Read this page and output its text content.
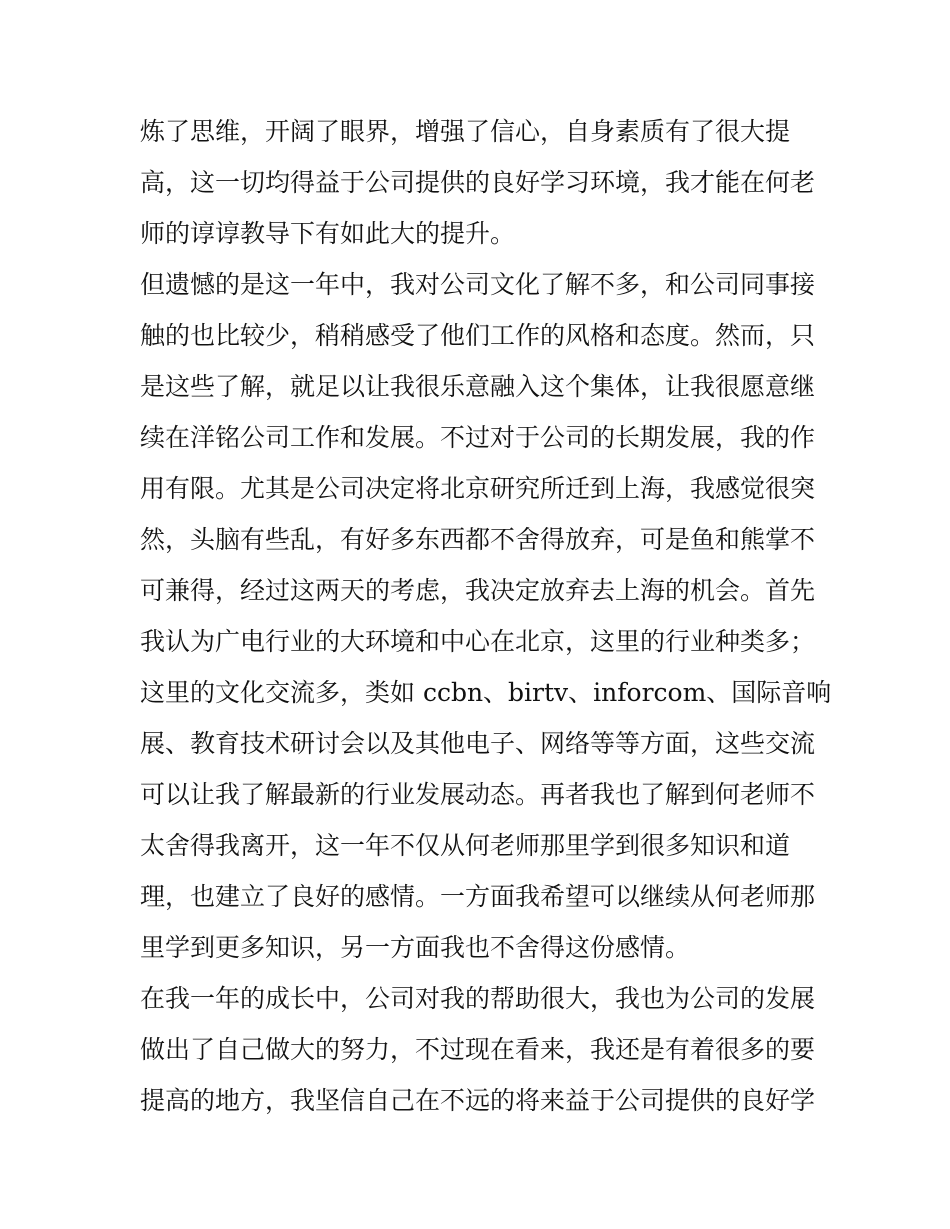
炼了思维，开阔了眼界，增强了信心，自身素质有了很大提
高，这一切均得益于公司提供的良好学习环境，我才能在何老
师的谆谆教导下有如此大的提升。
但遗憾的是这一年中，我对公司文化了解不多，和公司同事接
触的也比较少，稍稍感受了他们工作的风格和态度。然而，只
是这些了解，就足以让我很乐意融入这个集体，让我很愿意继
续在洋铭公司工作和发展。不过对于公司的长期发展，我的作
用有限。尤其是公司决定将北京研究所迁到上海，我感觉很突
然，头脑有些乱，有好多东西都不舍得放弃，可是鱼和熊掌不
可兼得，经过这两天的考虑，我决定放弃去上海的机会。首先
我认为广电行业的大环境和中心在北京，这里的行业种类多；
这里的文化交流多，类如 ccbn、birtv、inforcom、国际音响
展、教育技术研讨会以及其他电子、网络等等方面，这些交流
可以让我了解最新的行业发展动态。再者我也了解到何老师不
太舍得我离开，这一年不仅从何老师那里学到很多知识和道
理，也建立了良好的感情。一方面我希望可以继续从何老师那
里学到更多知识，另一方面我也不舍得这份感情。
在我一年的成长中，公司对我的帮助很大，我也为公司的发展
做出了自己做大的努力，不过现在看来，我还是有着很多的要
提高的地方，我坚信自己在不远的将来益于公司提供的良好学
